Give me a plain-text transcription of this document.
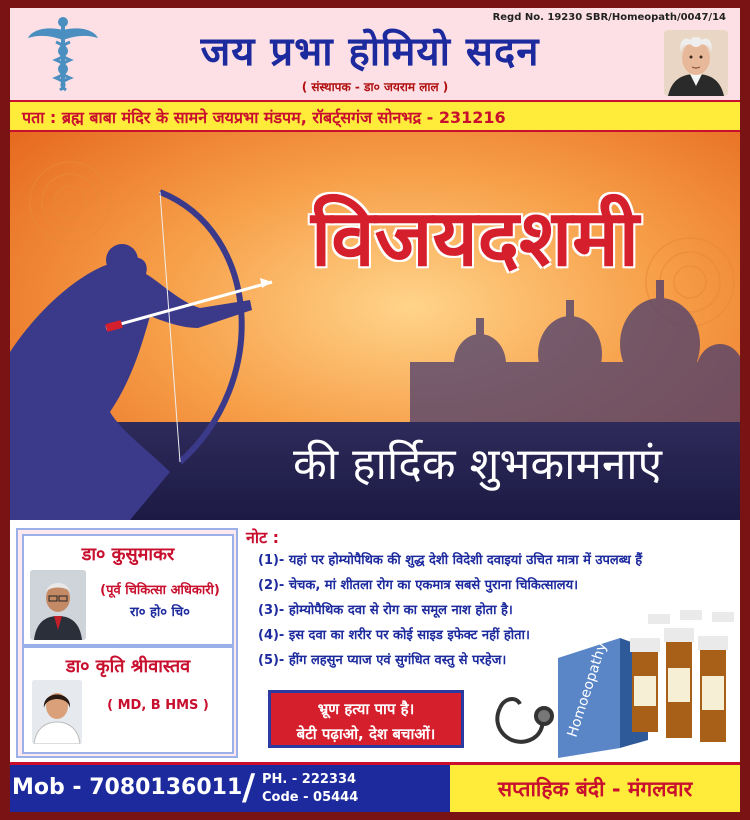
Regd No. 19230 SBR/Homeopath/0047/14
जय प्रभा होमियो सदन
( संस्थापक - डा० जयराम लाल )
पता : ब्रह्म बाबा मंदिर के सामने जयप्रभा मंडपम, रॉबर्ट्सगंज सोनभद्र - 231216
विजयदशमी
की हार्दिक शुभकामनाएं
डा० कुसुमाकर
(पूर्व चिकित्सा अधिकारी)
रा० हो० चि०
डा० कृति श्रीवास्तव
( MD, B HMS )
नोट :
(1)- यहां पर होम्योपैथिक की शुद्ध देशी विदेशी दवाइयां उचित मात्रा में उपलब्ध हैं
(2)- चेचक, मां शीतला रोग का एकमात्र सबसे पुराना चिकित्सालय।
(3)- होम्योपैथिक दवा से रोग का समूल नाश होता है।
(4)- इस दवा का शरीर पर कोई साइड इफेक्ट नहीं होता।
(5)- हींग लहसुन प्याज एवं सुगंधित वस्तु से परहेज।
भ्रूण हत्या पाप है।
बेटी पढ़ाओ, देश बचाओं।	Homoeopathy
Mob - 7080136011 / PH. - 222334
Code - 05444	सप्ताहिक बंदी - मंगलवार
